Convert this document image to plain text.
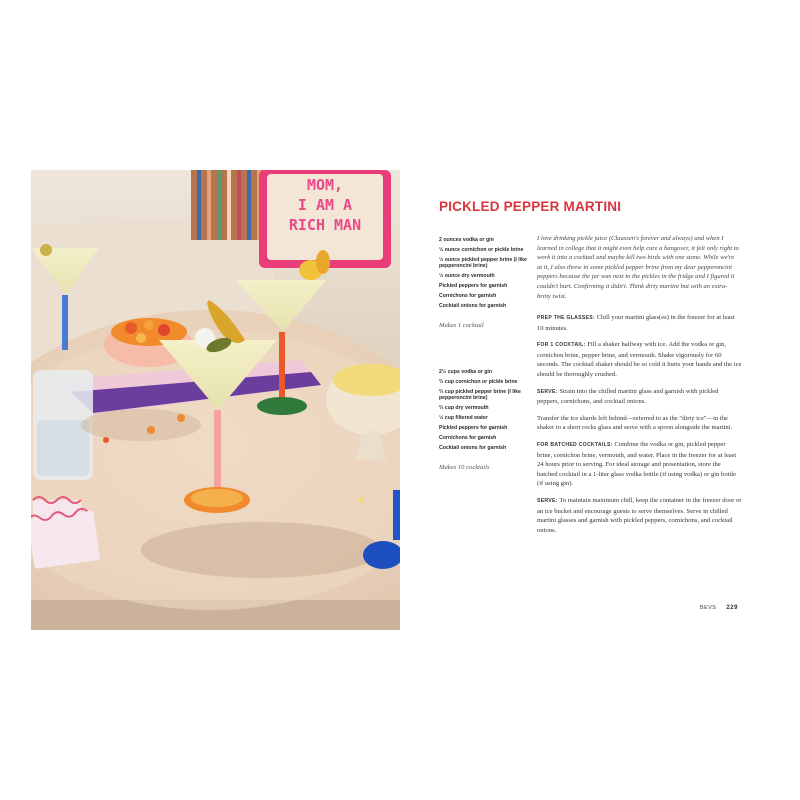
MOM,
I AM A
RICH MAN
PICKLED PEPPER MARTINI
2 ounces vodka or gin
½ ounce cornichon or pickle brine
½ ounce pickled pepper brine (I like pepperoncini brine)
½ ounce dry vermouth
Pickled peppers for garnish
Cornichons for garnish
Cocktail onions for garnish
Makes 1 cocktail
2½ cups vodka or gin
⅔ cup cornichon or pickle brine
⅔ cup pickled pepper brine (I like pepperoncini brine)
⅔ cup dry vermouth
½ cup filtered water
Pickled peppers for garnish
Cornichons for garnish
Cocktail onions for garnish
Makes 10 cocktails

I love drinking pickle juice (Claussen's forever and always) and when I learned in college that it might even help cure a hangover, it felt only right to work it into a cocktail and maybe kill two birds with one stone. While we're at it, I also threw in some pickled pepper brine from my dear pepperoncini peppers because the jar was next to the pickles in the fridge and I figured it couldn't hurt. Confirming it didn't. Think dirty martini but with an extra-briny twist.

PREP THE GLASSES: Chill your martini glass(es) in the freezer for at least 10 minutes.

FOR 1 COCKTAIL: Fill a shaker halfway with ice. Add the vodka or gin, cornichon brine, pepper brine, and vermouth. Shake vigorously for 60 seconds. The cocktail shaker should be so cold it hurts your hands and the ice should be thoroughly crushed.

SERVE: Strain into the chilled martini glass and garnish with pickled peppers, cornichons, and cocktail onions.

Transfer the ice shards left behind—referred to as the "dirty ice"—in the shaker to a short rocks glass and serve with a spoon alongside the martini.

FOR BATCHED COCKTAILS: Combine the vodka or gin, pickled pepper brine, cornichon brine, vermouth, and water. Place in the freezer for at least 24 hours prior to serving. For ideal storage and presentation, store the batched cocktail in a 1-liter glass vodka bottle (if using vodka) or gin bottle (if using gin).

SERVE: To maintain maximum chill, keep the container in the freezer door or an ice bucket and encourage guests to serve themselves. Serve in chilled martini glasses and garnish with pickled peppers, cornichons, and cocktail onions.

BEVS 229
